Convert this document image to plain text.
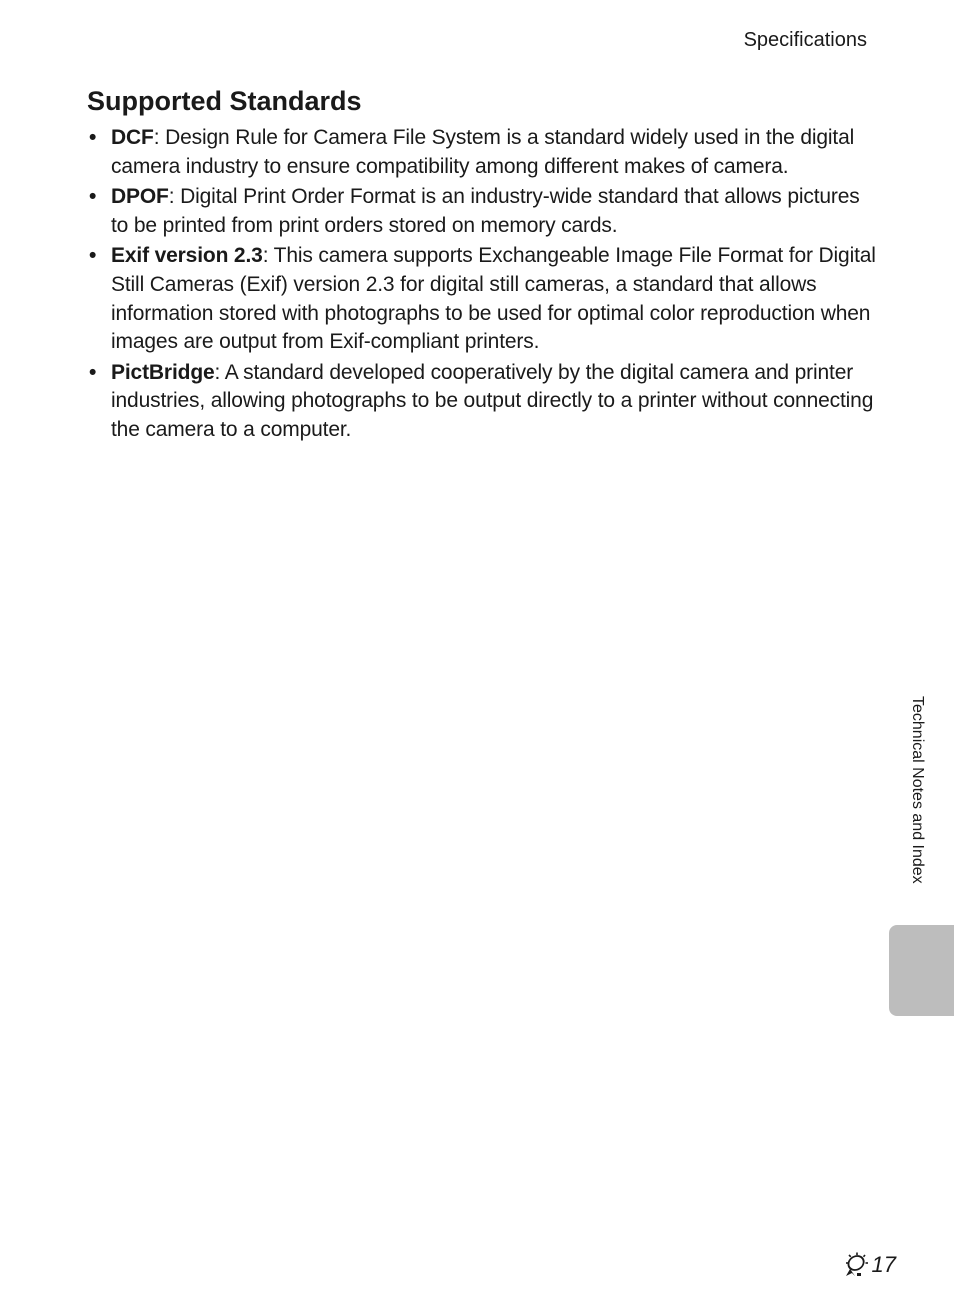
Specifications
Supported Standards
• DCF: Design Rule for Camera File System is a standard widely used in the digital camera industry to ensure compatibility among different makes of camera.
• DPOF: Digital Print Order Format is an industry-wide standard that allows pictures to be printed from print orders stored on memory cards.
• Exif version 2.3: This camera supports Exchangeable Image File Format for Digital Still Cameras (Exif) version 2.3 for digital still cameras, a standard that allows information stored with photographs to be used for optimal color reproduction when images are output from Exif-compliant printers.
• PictBridge: A standard developed cooperatively by the digital camera and printer industries, allowing photographs to be output directly to a printer without connecting the camera to a computer.
Technical Notes and Index
17
